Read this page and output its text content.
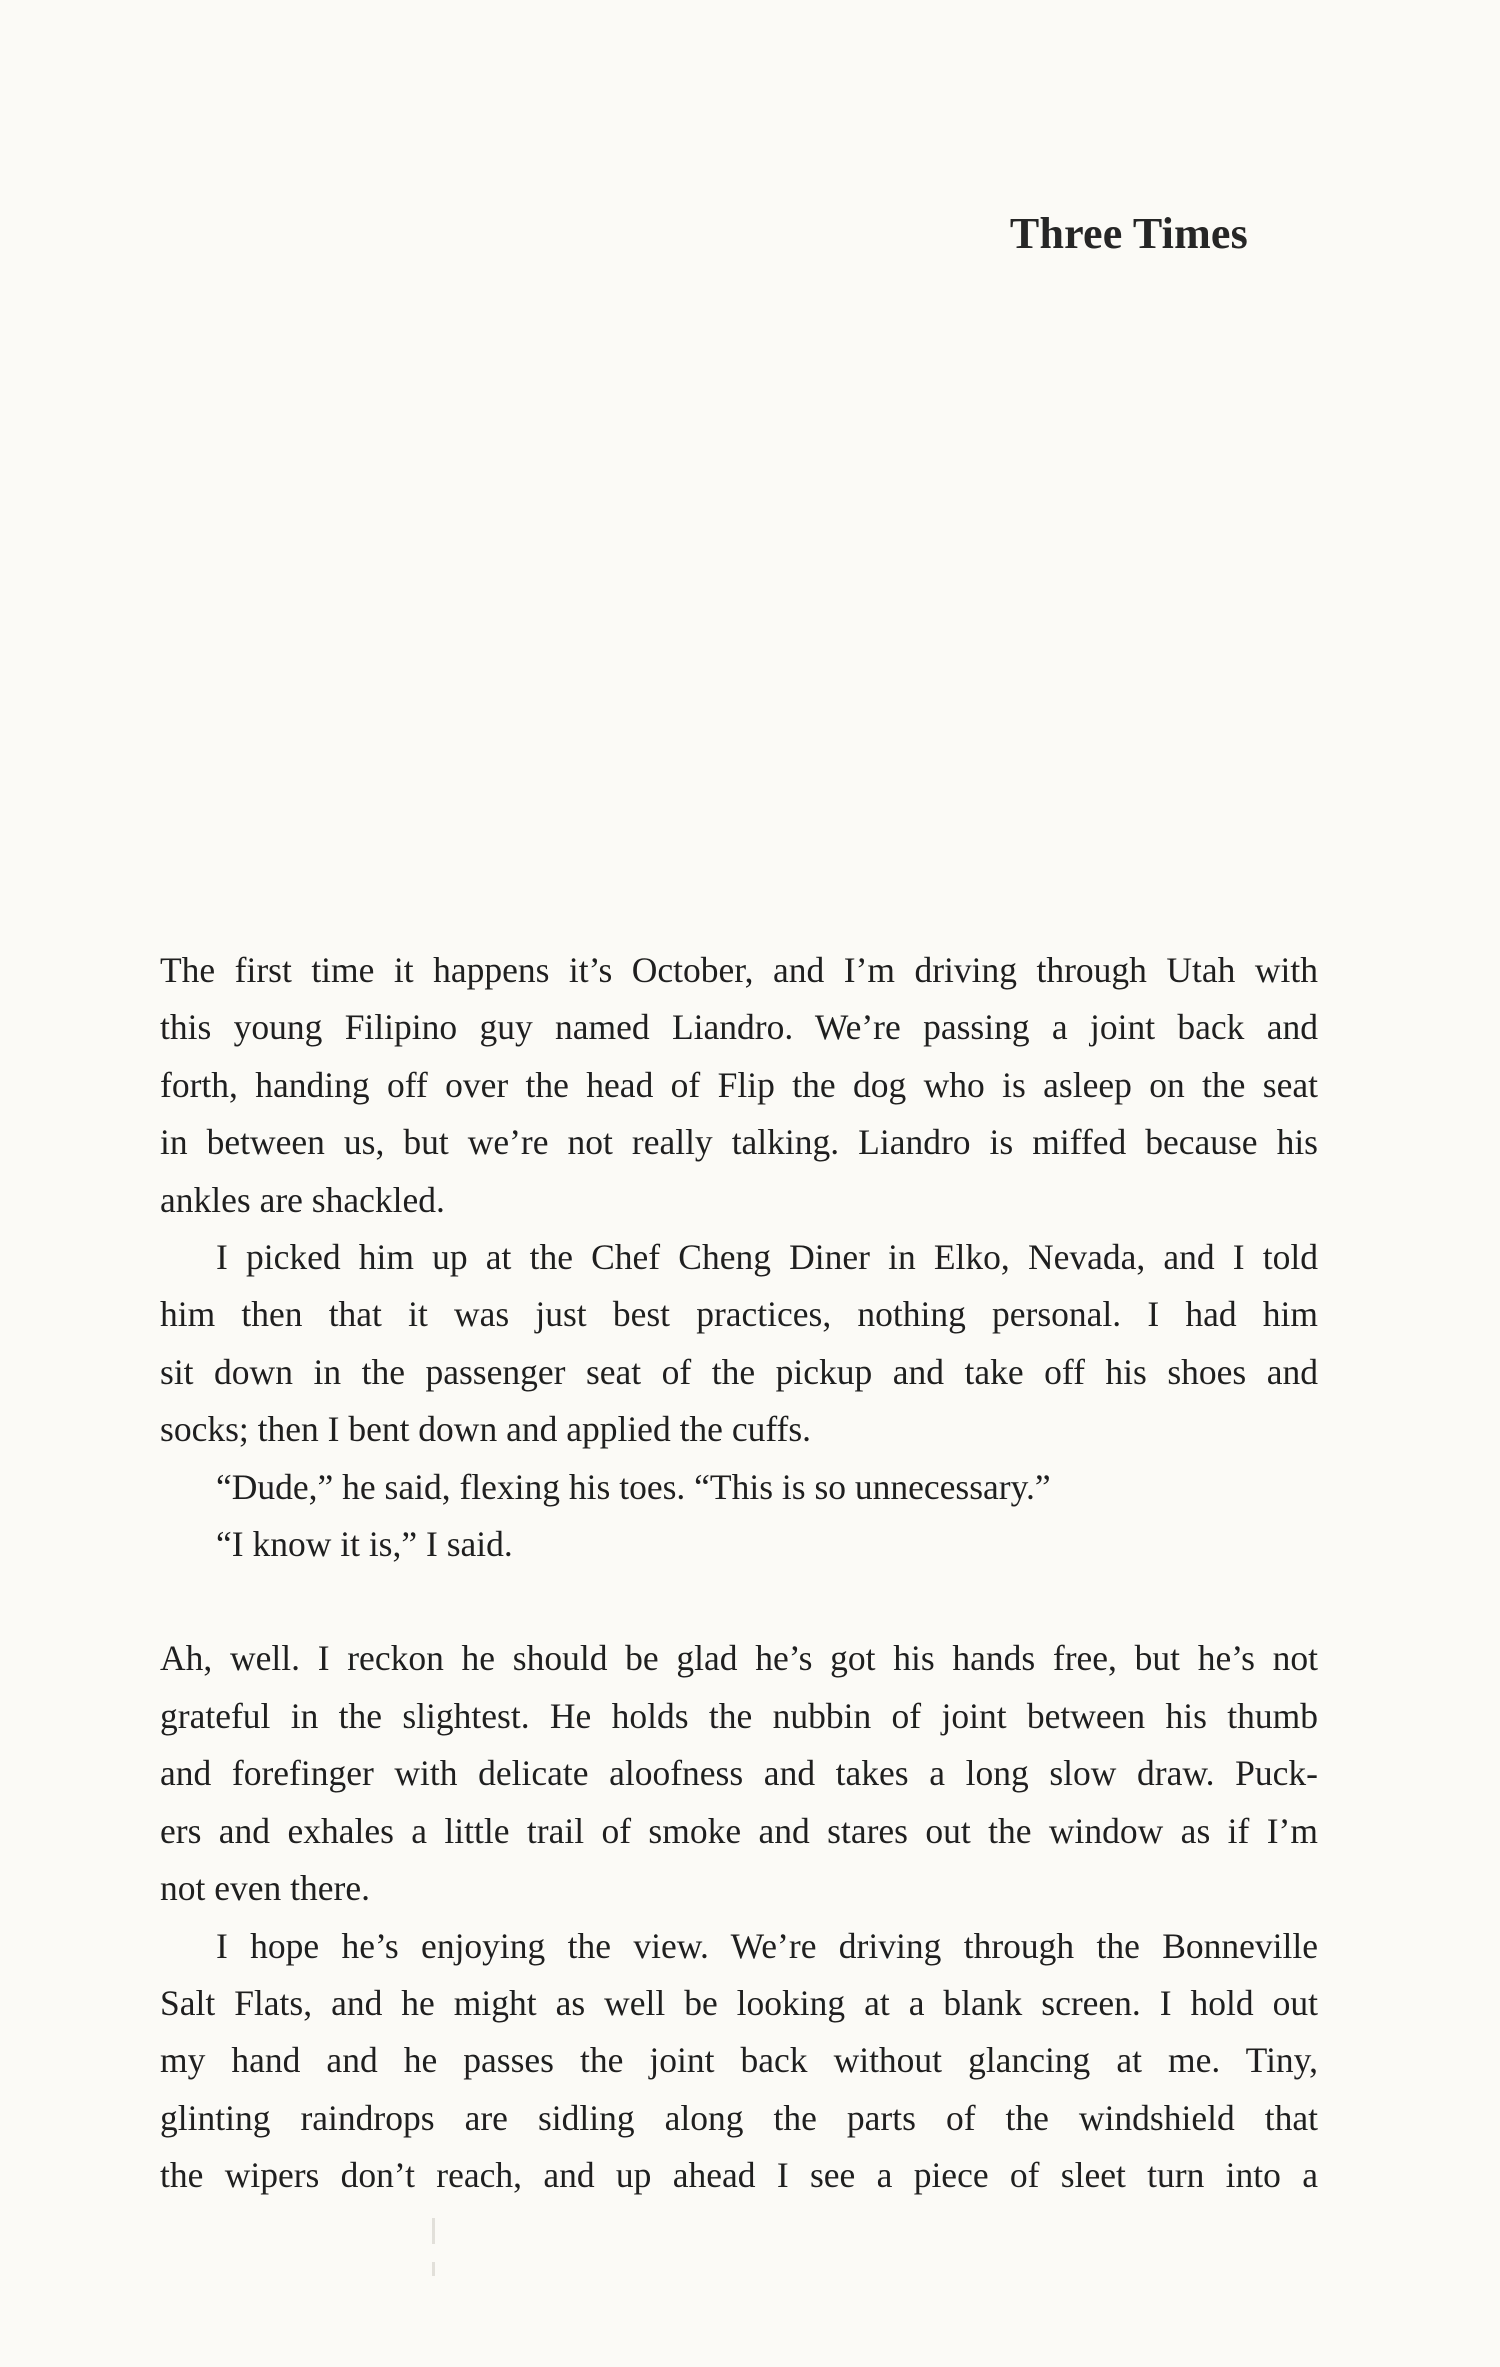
Three Times
The first time it happens it’s October, and I’m driving through Utah with
this young Filipino guy named Liandro. We’re passing a joint back and
forth, handing off over the head of Flip the dog who is asleep on the seat
in between us, but we’re not really talking. Liandro is miffed because his
ankles are shackled.
I picked him up at the Chef Cheng Diner in Elko, Nevada, and I told
him then that it was just best practices, nothing personal. I had him
sit down in the passenger seat of the pickup and take off his shoes and
socks; then I bent down and applied the cuffs.
“Dude,” he said, flexing his toes. “This is so unnecessary.”
“I know it is,” I said.
Ah, well. I reckon he should be glad he’s got his hands free, but he’s not
grateful in the slightest. He holds the nubbin of joint between his thumb
and forefinger with delicate aloofness and takes a long slow draw. Puck-
ers and exhales a little trail of smoke and stares out the window as if I’m
not even there.
I hope he’s enjoying the view. We’re driving through the Bonneville
Salt Flats, and he might as well be looking at a blank screen. I hold out
my hand and he passes the joint back without glancing at me. Tiny,
glinting raindrops are sidling along the parts of the windshield that
the wipers don’t reach, and up ahead I see a piece of sleet turn into a
